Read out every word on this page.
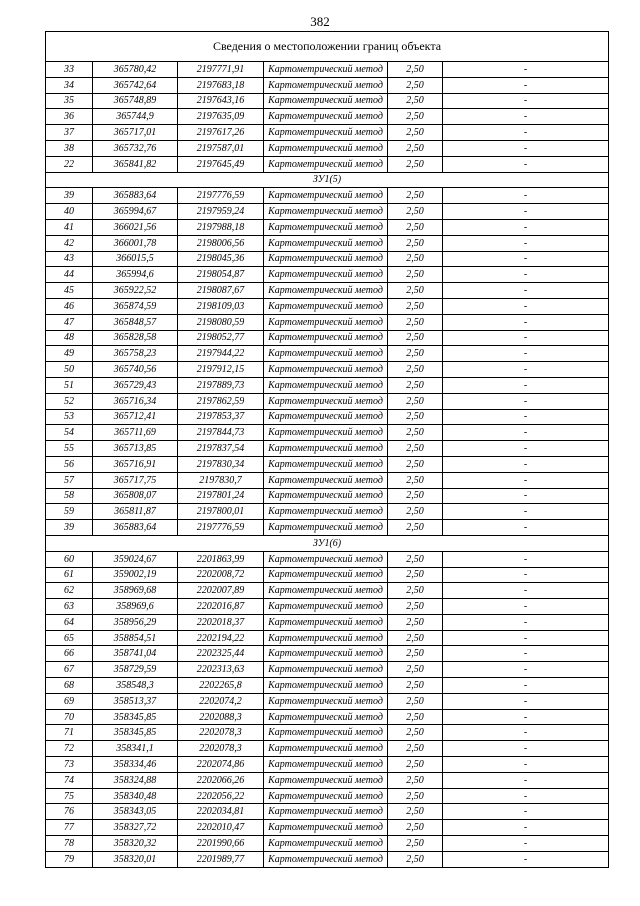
382
Сведения о местоположении границ объекта					
33	365780,42	2197771,91	Картометрический метод	2,50	-
34	365742,64	2197683,18	Картометрический метод	2,50	-
35	365748,89	2197643,16	Картометрический метод	2,50	-
36	365744,9	2197635,09	Картометрический метод	2,50	-
37	365717,01	2197617,26	Картометрический метод	2,50	-
38	365732,76	2197587,01	Картометрический метод	2,50	-
22	365841,82	2197645,49	Картометрический метод	2,50	-
ЗУ1(5)					
39	365883,64	2197776,59	Картометрический метод	2,50	-
40	365994,67	2197959,24	Картометрический метод	2,50	-
41	366021,56	2197988,18	Картометрический метод	2,50	-
42	366001,78	2198006,56	Картометрический метод	2,50	-
43	366015,5	2198045,36	Картометрический метод	2,50	-
44	365994,6	2198054,87	Картометрический метод	2,50	-
45	365922,52	2198087,67	Картометрический метод	2,50	-
46	365874,59	2198109,03	Картометрический метод	2,50	-
47	365848,57	2198080,59	Картометрический метод	2,50	-
48	365828,58	2198052,77	Картометрический метод	2,50	-
49	365758,23	2197944,22	Картометрический метод	2,50	-
50	365740,56	2197912,15	Картометрический метод	2,50	-
51	365729,43	2197889,73	Картометрический метод	2,50	-
52	365716,34	2197862,59	Картометрический метод	2,50	-
53	365712,41	2197853,37	Картометрический метод	2,50	-
54	365711,69	2197844,73	Картометрический метод	2,50	-
55	365713,85	2197837,54	Картометрический метод	2,50	-
56	365716,91	2197830,34	Картометрический метод	2,50	-
57	365717,75	2197830,7	Картометрический метод	2,50	-
58	365808,07	2197801,24	Картометрический метод	2,50	-
59	365811,87	2197800,01	Картометрический метод	2,50	-
39	365883,64	2197776,59	Картометрический метод	2,50	-
ЗУ1(6)					
60	359024,67	2201863,99	Картометрический метод	2,50	-
61	359002,19	2202008,72	Картометрический метод	2,50	-
62	358969,68	2202007,89	Картометрический метод	2,50	-
63	358969,6	2202016,87	Картометрический метод	2,50	-
64	358956,29	2202018,37	Картометрический метод	2,50	-
65	358854,51	2202194,22	Картометрический метод	2,50	-
66	358741,04	2202325,44	Картометрический метод	2,50	-
67	358729,59	2202313,63	Картометрический метод	2,50	-
68	358548,3	2202265,8	Картометрический метод	2,50	-
69	358513,37	2202074,2	Картометрический метод	2,50	-
70	358345,85	2202088,3	Картометрический метод	2,50	-
71	358345,85	2202078,3	Картометрический метод	2,50	-
72	358341,1	2202078,3	Картометрический метод	2,50	-
73	358334,46	2202074,86	Картометрический метод	2,50	-
74	358324,88	2202066,26	Картометрический метод	2,50	-
75	358340,48	2202056,22	Картометрический метод	2,50	-
76	358343,05	2202034,81	Картометрический метод	2,50	-
77	358327,72	2202010,47	Картометрический метод	2,50	-
78	358320,32	2201990,66	Картометрический метод	2,50	-
79	358320,01	2201989,77	Картометрический метод	2,50	-
